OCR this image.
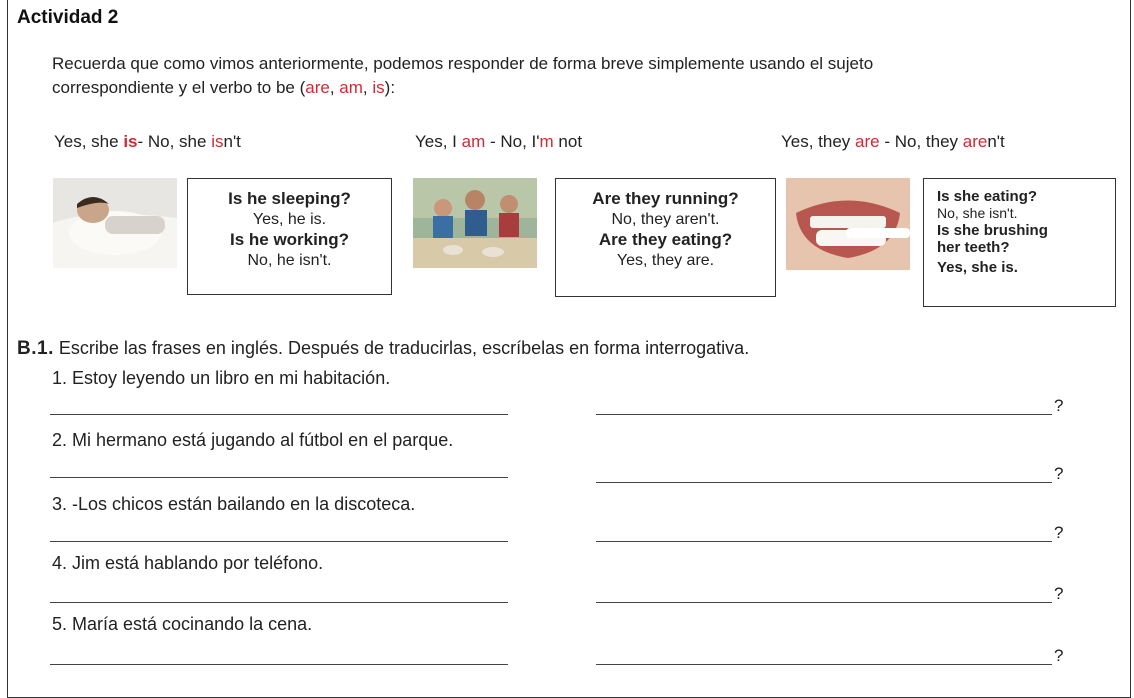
Actividad 2
Recuerda que como vimos anteriormente, podemos responder de forma breve simplemente usando el sujeto
correspondiente y el verbo to be (are, am, is):
Yes, she is- No, she isn't	Yes, I am - No, I'm not	Yes, they are - No, they aren't
Is he sleeping?
Yes, he is.
Is he working?
No, he isn't.
Are they running?
No, they aren't.
Are they eating?
Yes, they are.
Is she eating?
No, she isn't.
Is she brushing
her teeth?
Yes, she is.
B.1. Escribe las frases en inglés. Después de traducirlas, escríbelas en forma interrogativa.
1. Estoy leyendo un libro en mi habitación.
?
2. Mi hermano está jugando al fútbol en el parque.
?
3. -Los chicos están bailando en la discoteca.
?
4. Jim está hablando por teléfono.
?
5. María está cocinando la cena.
?
